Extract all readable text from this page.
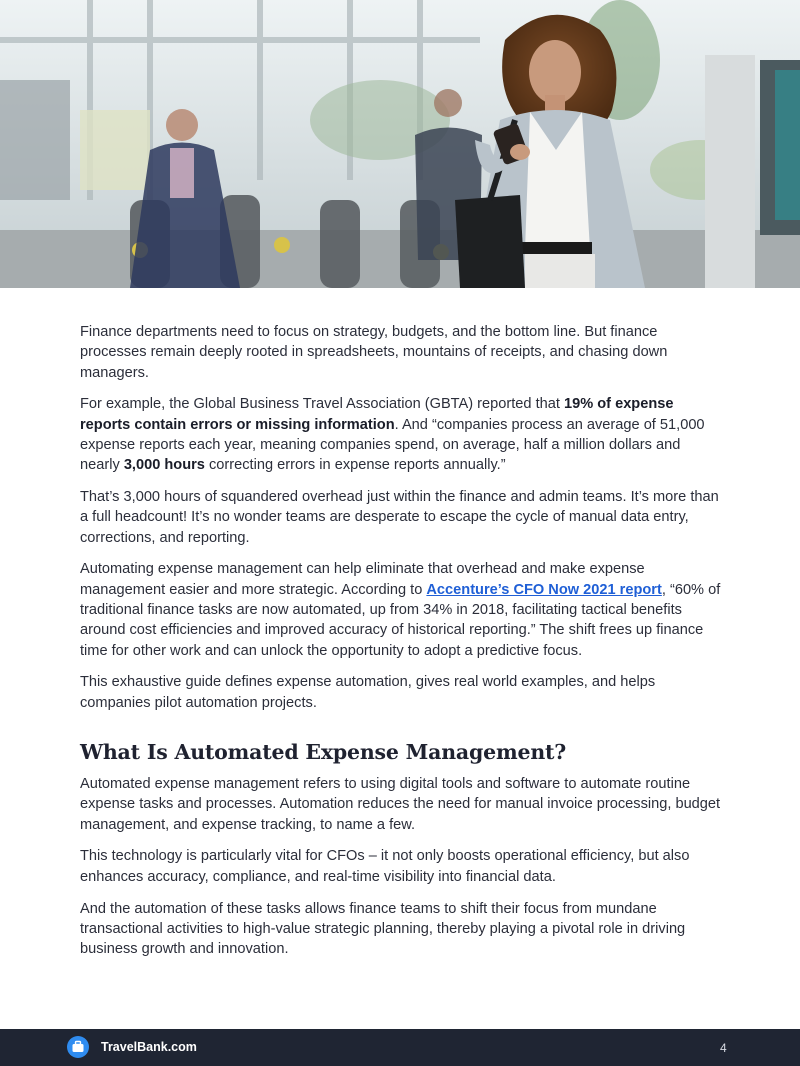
Finance departments need to focus on strategy, budgets, and the bottom line. But finance processes remain deeply rooted in spreadsheets, mountains of receipts, and chasing down managers.

For example, the Global Business Travel Association (GBTA) reported that 19% of expense reports contain errors or missing information. And “companies process an average of 51,000 expense reports each year, meaning companies spend, on average, half a million dollars and nearly 3,000 hours correcting errors in expense reports annually.”

That’s 3,000 hours of squandered overhead just within the finance and admin teams. It’s more than a full headcount! It’s no wonder teams are desperate to escape the cycle of manual data entry, corrections, and reporting.

Automating expense management can help eliminate that overhead and make expense management easier and more strategic. According to Accenture’s CFO Now 2021 report, “60% of traditional finance tasks are now automated, up from 34% in 2018, facilitating tactical benefits around cost efficiencies and improved accuracy of historical reporting.” The shift frees up finance time for other work and can unlock the opportunity to adopt a predictive focus.

This exhaustive guide defines expense automation, gives real world examples, and helps companies pilot automation projects.

What Is Automated Expense Management?

Automated expense management refers to using digital tools and software to automate routine expense tasks and processes. Automation reduces the need for manual invoice processing, budget management, and expense tracking, to name a few.

This technology is particularly vital for CFOs – it not only boosts operational efficiency, but also enhances accuracy, compliance, and real-time visibility into financial data.

And the automation of these tasks allows finance teams to shift their focus from mundane transactional activities to high-value strategic planning, thereby playing a pivotal role in driving business growth and innovation.

TravelBank.com	4
